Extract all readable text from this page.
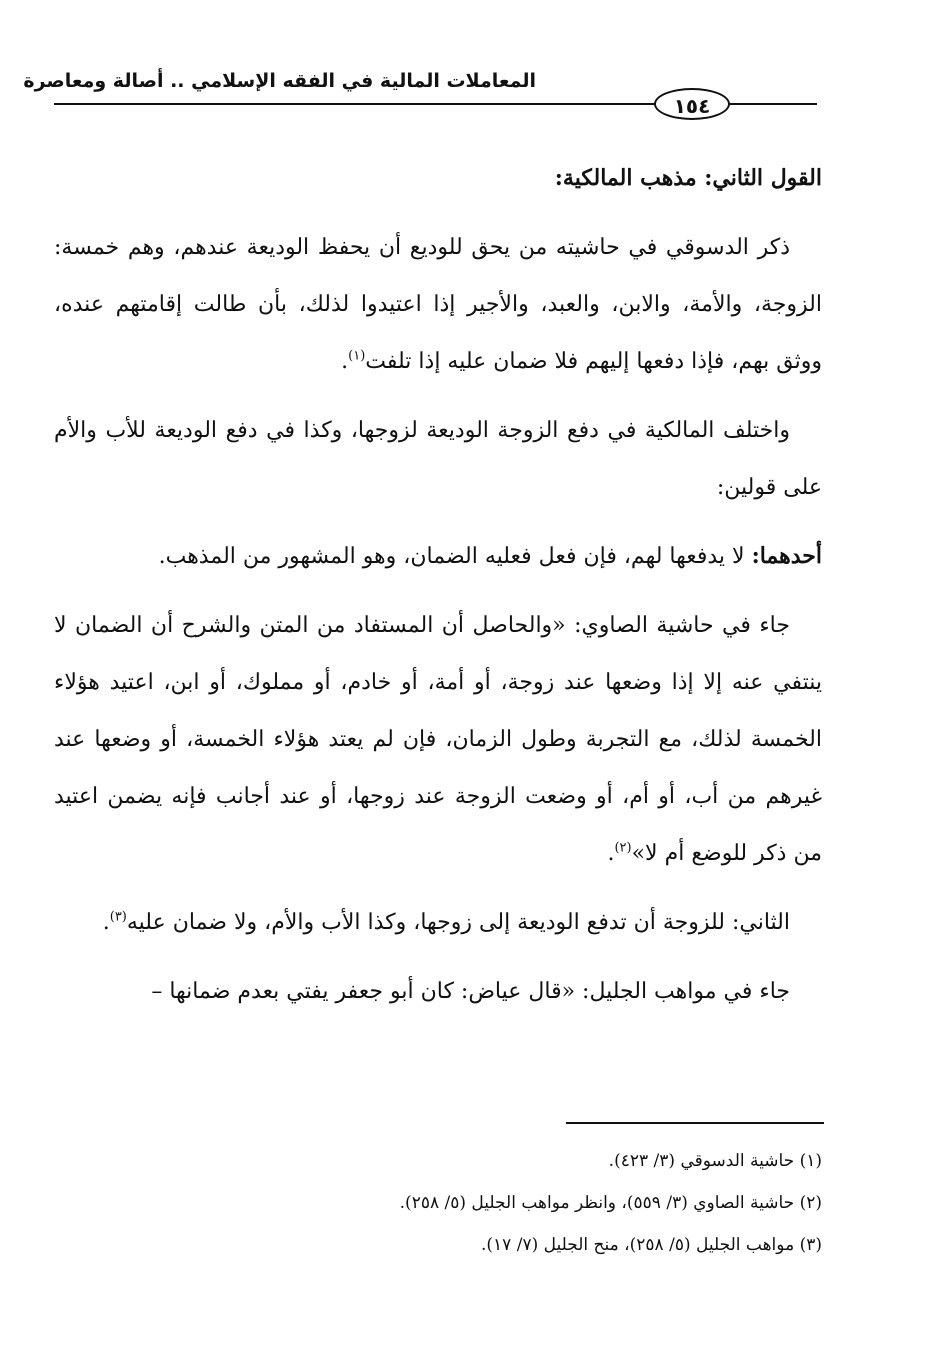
المعاملات المالية في الفقه الإسلامي .. أصالة ومعاصرة
١٥٤

القول الثاني: مذهب المالكية:

ذكر الدسوقي في حاشيته من يحق للوديع أن يحفظ الوديعة عندهم، وهم خمسة: الزوجة، والأمة، والابن، والعبد، والأجير إذا اعتيدوا لذلك، بأن طالت إقامتهم عنده، ووثق بهم، فإذا دفعها إليهم فلا ضمان عليه إذا تلفت$^{(١)}$.

واختلف المالكية في دفع الزوجة الوديعة لزوجها، وكذا في دفع الوديعة للأب والأم على قولين:

أحدهما: لا يدفعها لهم، فإن فعل فعليه الضمان، وهو المشهور من المذهب.

جاء في حاشية الصاوي: «والحاصل أن المستفاد من المتن والشرح أن الضمان لا ينتفي عنه إلا إذا وضعها عند زوجة، أو أمة، أو خادم، أو مملوك، أو ابن، اعتيد هؤلاء الخمسة لذلك، مع التجربة وطول الزمان، فإن لم يعتد هؤلاء الخمسة، أو وضعها عند غيرهم من أب، أو أم، أو وضعت الزوجة عند زوجها، أو عند أجانب فإنه يضمن اعتيد من ذكر للوضع أم لا»$^{(٢)}$.

الثاني: للزوجة أن تدفع الوديعة إلى زوجها، وكذا الأب والأم، ولا ضمان عليه$^{(٣)}$.

جاء في مواهب الجليل: «قال عياض: كان أبو جعفر يفتي بعدم ضمانها –

(١) حاشية الدسوقي (٣/ ٤٢٣).

(٢) حاشية الصاوي (٣/ ٥٥٩)، وانظر مواهب الجليل (٥/ ٢٥٨).

(٣) مواهب الجليل (٥/ ٢٥٨)، منح الجليل (٧/ ١٧).
